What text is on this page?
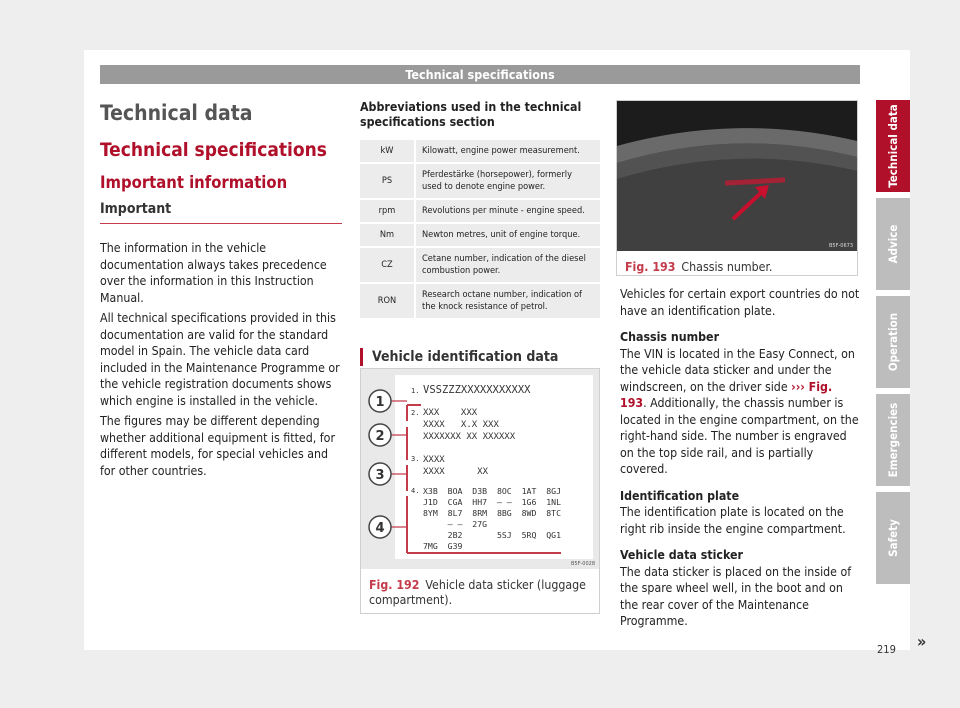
Technical specifications
Technical data
Technical specifications
Important information
Important

The information in the vehicle documentation always takes precedence over the information in this Instruction Manual.

All technical specifications provided in this documentation are valid for the standard model in Spain. The vehicle data card included in the Maintenance Programme or the vehicle registration documents shows which engine is installed in the vehicle.

The figures may be different depending whether additional equipment is fitted, for different models, for special vehicles and for other countries.

Abbreviations used in the technical specifications section
kW	Kilowatt, engine power measurement.
PS	Pferdestärke (horsepower), formerly used to denote engine power.
rpm	Revolutions per minute - engine speed.
Nm	Newton metres, unit of engine torque.
CZ	Cetane number, indication of the diesel combustion power.
RON	Research octane number, indication of the knock resistance of petrol.
Vehicle identification data
1
2
3
4
1. VSSZZZXXXXXXXXXXX
2. XXX    XXX
XXXX   X.X XXX
XXXXXXX XX XXXXXX
3. XXXX
XXXX      XX
4. X3B  BOA  D3B  8OC  1AT  8GJ
J1D  CGA  HH7  – –  1G6  1NL
8YM  8L7  8RM  8BG  8WD  8TC
– –  27G
2B2       5SJ  5RQ  QG1
7MG  G39
B5F-0028
Fig. 192 Vehicle data sticker (luggage compartment).
B5F-0673
Fig. 193 Chassis number.

Vehicles for certain export countries do not have an identification plate.

Chassis number
The VIN is located in the Easy Connect, on the vehicle data sticker and under the windscreen, on the driver side ››› Fig. 193. Additionally, the chassis number is located in the engine compartment, on the right-hand side. The number is engraved on the top side rail, and is partially covered.

Identification plate
The identification plate is located on the right rib inside the engine compartment.

Vehicle data sticker
The data sticker is placed on the inside of the spare wheel well, in the boot and on the rear cover of the Maintenance Programme.

»
Technical data
Advice
Operation
Emergencies
Safety
219
